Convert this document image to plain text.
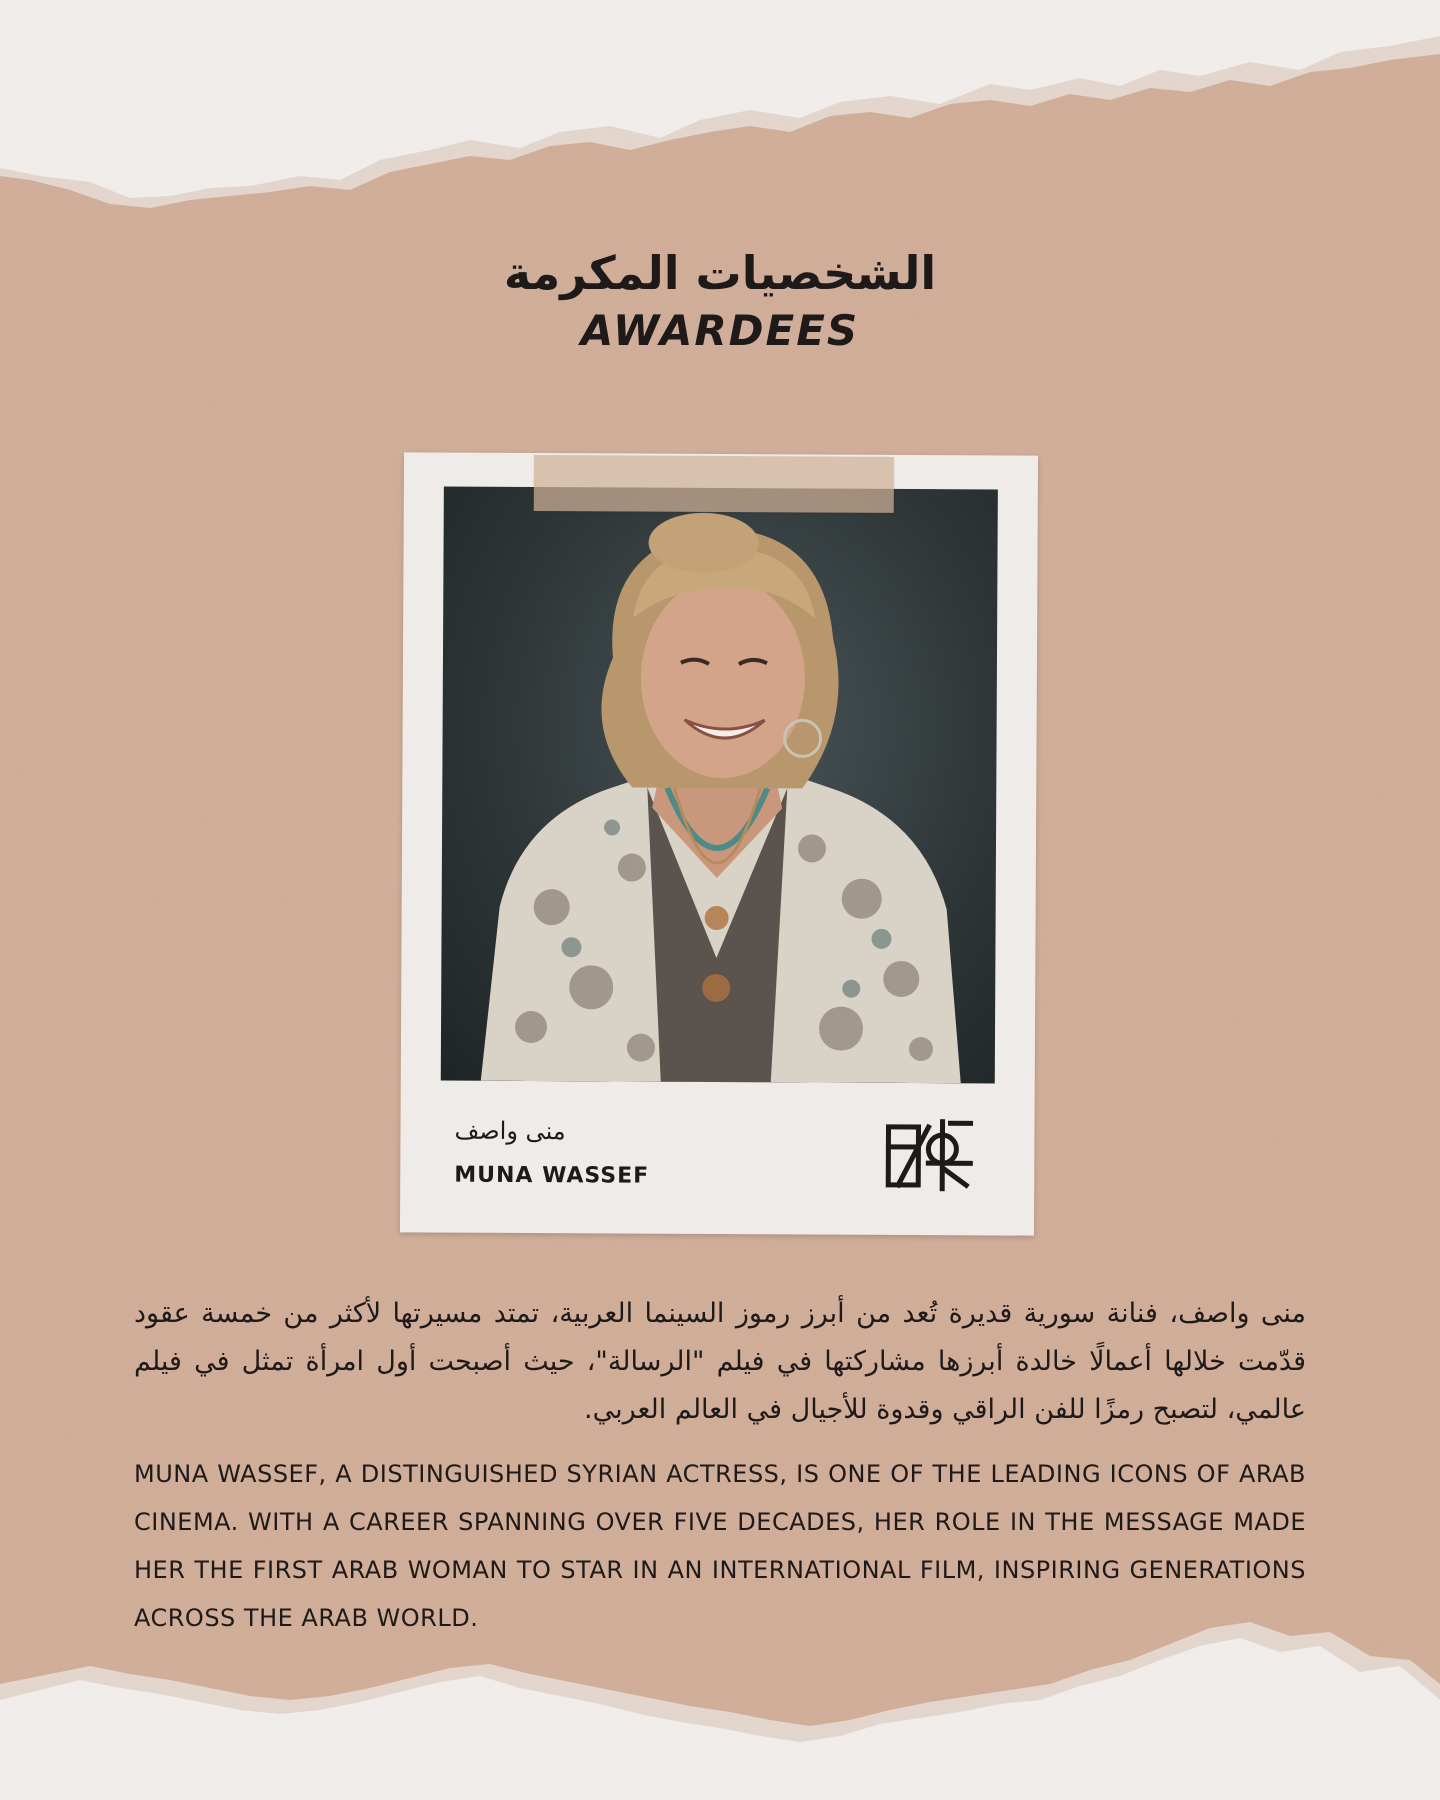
الشخصيات المكرمة
AWARDEES
منى واصف
MUNA WASSEF
منى واصف، فنانة سورية قديرة تُعد من أبرز رموز السينما العربية، تمتد مسيرتها لأكثر من خمسة عقود قدّمت خلالها أعمالًا خالدة أبرزها مشاركتها في فيلم "الرسالة"، حيث أصبحت أول امرأة تمثل في فيلم عالمي، لتصبح رمزًا للفن الراقي وقدوة للأجيال في العالم العربي.
MUNA WASSEF, A DISTINGUISHED SYRIAN ACTRESS, IS ONE OF THE LEADING ICONS OF ARAB CINEMA. WITH A CAREER SPANNING OVER FIVE DECADES, HER ROLE IN THE MESSAGE MADE HER THE FIRST ARAB WOMAN TO STAR IN AN INTERNATIONAL FILM, INSPIRING GENERATIONS ACROSS THE ARAB WORLD.
